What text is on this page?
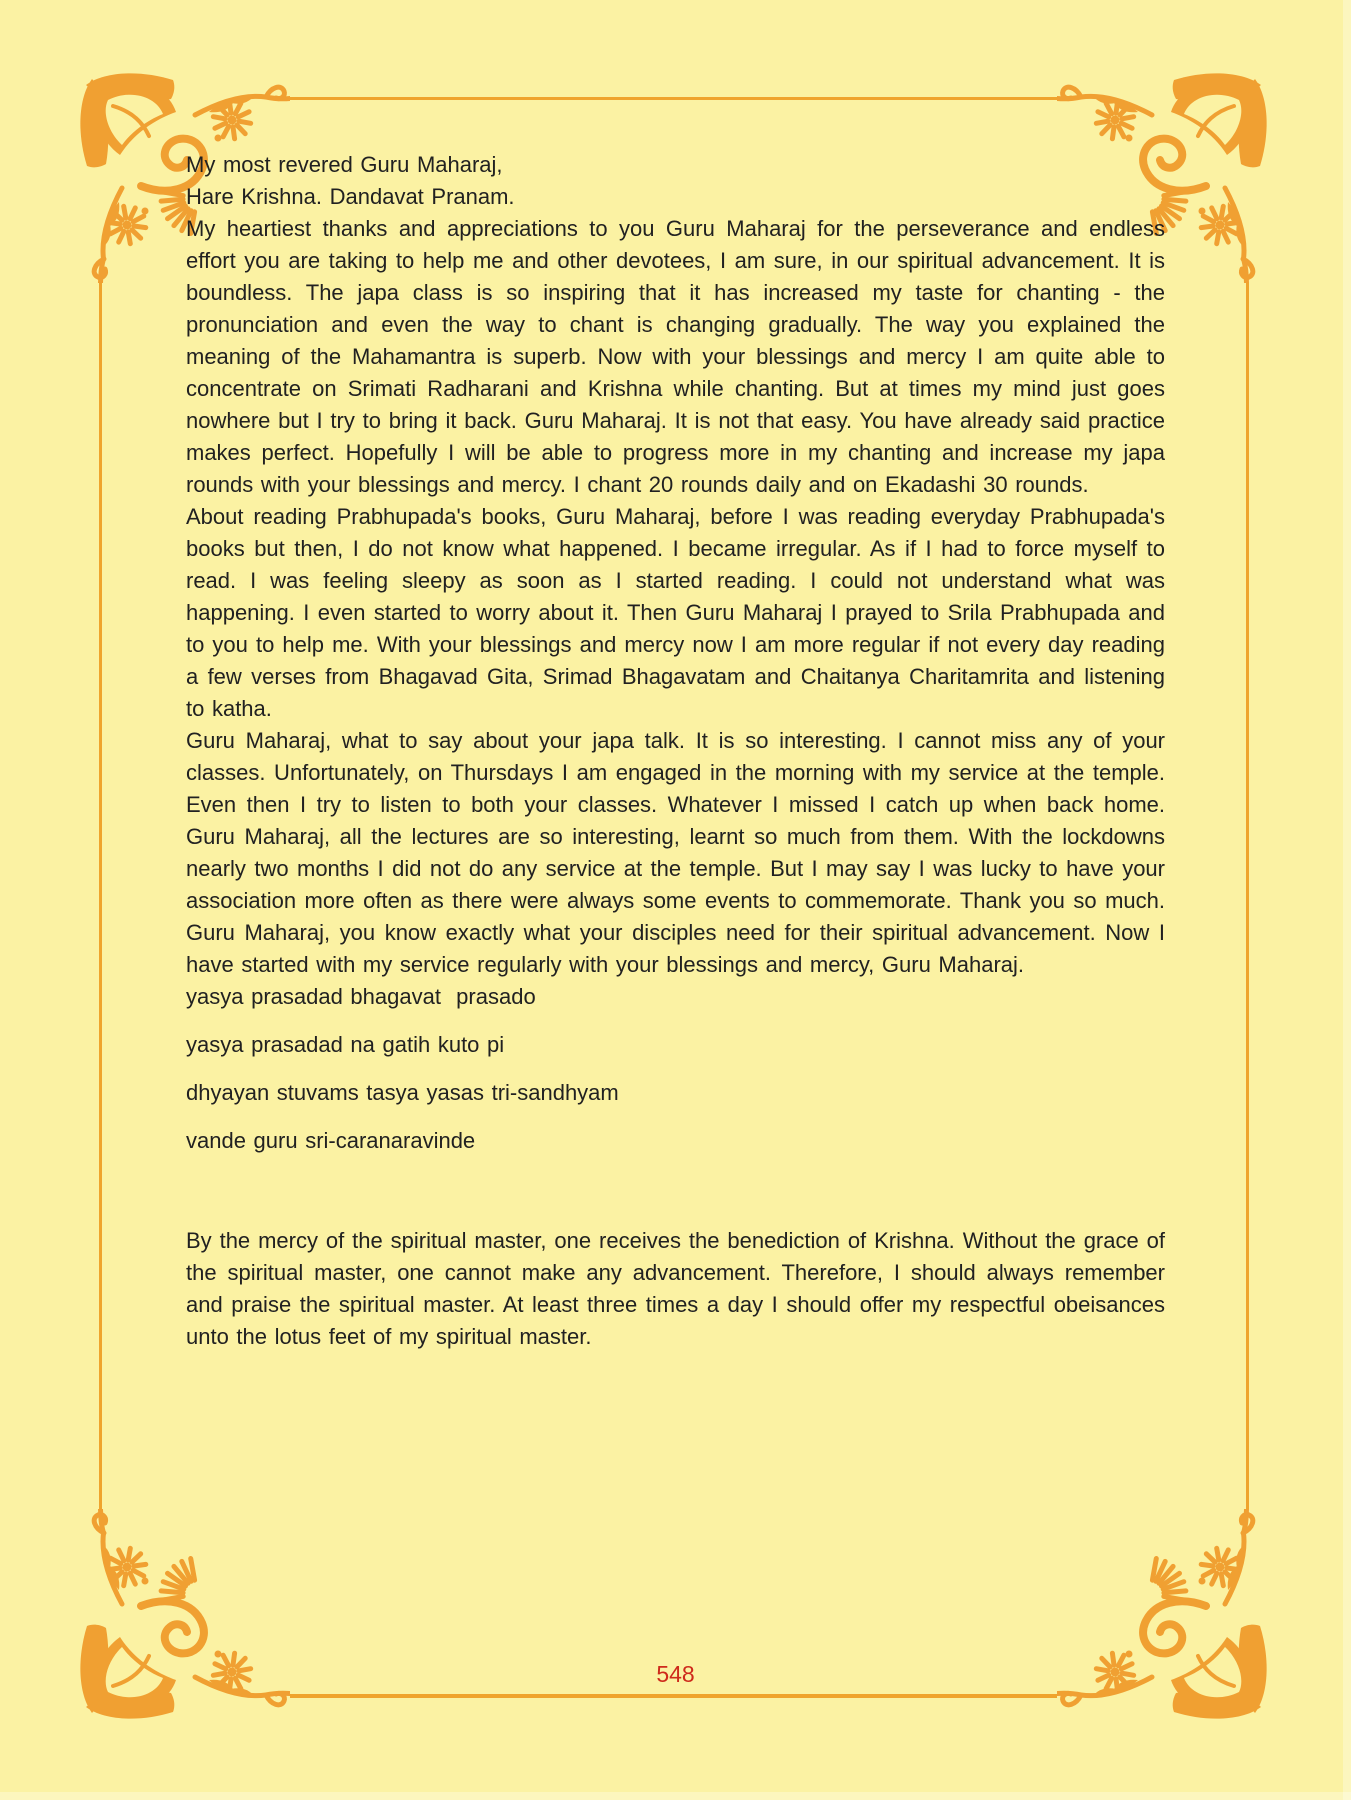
My most revered Guru Maharaj,

Hare Krishna. Dandavat Pranam.

My heartiest thanks and appreciations to you Guru Maharaj for the perseverance and endless effort you are taking to help me and other devotees, I am sure, in our spiritual advancement. It is boundless. The japa class is so inspiring that it has increased my taste for chanting - the pronunciation and even the way to chant is changing gradually. The way you explained the meaning of the Mahamantra is superb. Now with your blessings and mercy I am quite able to concentrate on Srimati Radharani and Krishna while chanting. But at times my mind just goes nowhere but I try to bring it back. Guru Maharaj. It is not that easy. You have already said practice makes perfect. Hopefully I will be able to progress more in my chanting and increase my japa rounds with your blessings and mercy. I chant 20 rounds daily and on Ekadashi 30 rounds.

About reading Prabhupada's books, Guru Maharaj, before I was reading everyday Prabhupada's books but then, I do not know what happened. I became irregular. As if I had to force myself to read. I was feeling sleepy as soon as I started reading. I could not understand what was happening. I even started to worry about it. Then Guru Maharaj I prayed to Srila Prabhupada and to you to help me. With your blessings and mercy now I am more regular if not every day reading a few verses from Bhagavad Gita, Srimad Bhagavatam and Chaitanya Charitamrita and listening to katha.

Guru Maharaj, what to say about your japa talk. It is so interesting. I cannot miss any of your classes. Unfortunately, on Thursdays I am engaged in the morning with my service at the temple. Even then I try to listen to both your classes. Whatever I missed I catch up when back home. Guru Maharaj, all the lectures are so interesting, learnt so much from them. With the lockdowns nearly two months I did not do any service at the temple. But I may say I was lucky to have your association more often as there were always some events to commemorate. Thank you so much. Guru Maharaj, you know exactly what your disciples need for their spiritual advancement. Now I have started with my service regularly with your blessings and mercy, Guru Maharaj.

yasya prasadad bhagavat  prasado

yasya prasadad na gatih kuto pi

dhyayan stuvams tasya yasas tri-sandhyam

vande guru sri-caranaravinde

By the mercy of the spiritual master, one receives the benediction of Krishna. Without the grace of the spiritual master, one cannot make any advancement. Therefore, I should always remember and praise the spiritual master. At least three times a day I should offer my respectful obeisances unto the lotus feet of my spiritual master.

548
